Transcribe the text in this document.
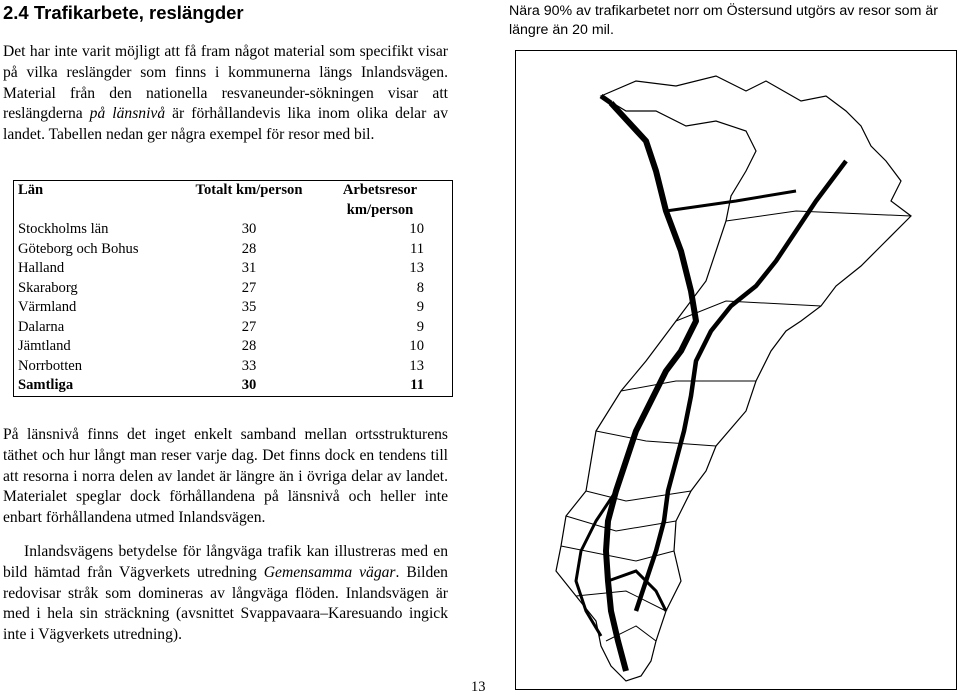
2.4 Trafikarbete, reslängder

Det har inte varit möjligt att få fram något material som specifikt visar på vilka reslängder som finns i kommunerna längs Inlandsvägen. Material från den nationella resvaneunder-sökningen visar att reslängderna på länsnivå är förhållandevis lika inom olika delar av landet. Tabellen nedan ger några exempel för resor med bil.

Län	Totalt km/person	Arbetsresor km/person
Stockholms län	30	10
Göteborg och Bohus	28	11
Halland	31	13
Skaraborg	27	8
Värmland	35	9
Dalarna	27	9
Jämtland	28	10
Norrbotten	33	13
Samtliga	30	11

På länsnivå finns det inget enkelt samband mellan ortsstrukturens täthet och hur långt man reser varje dag. Det finns dock en tendens till att resorna i norra delen av landet är längre än i övriga delar av landet. Materialet speglar dock förhållandena på länsnivå och heller inte enbart förhållandena utmed Inlandsvägen.

Inlandsvägens betydelse för långväga trafik kan illustreras med en bild hämtad från Vägverkets utredning Gemensamma vägar. Bilden redovisar stråk som domineras av långväga flöden. Inlandsvägen är med i hela sin sträckning (avsnittet Svappavaara–Karesuando ingick inte i Vägverkets utredning).

Nära 90% av trafikarbetet norr om Östersund utgörs av resor som är längre än 20 mil.
13
